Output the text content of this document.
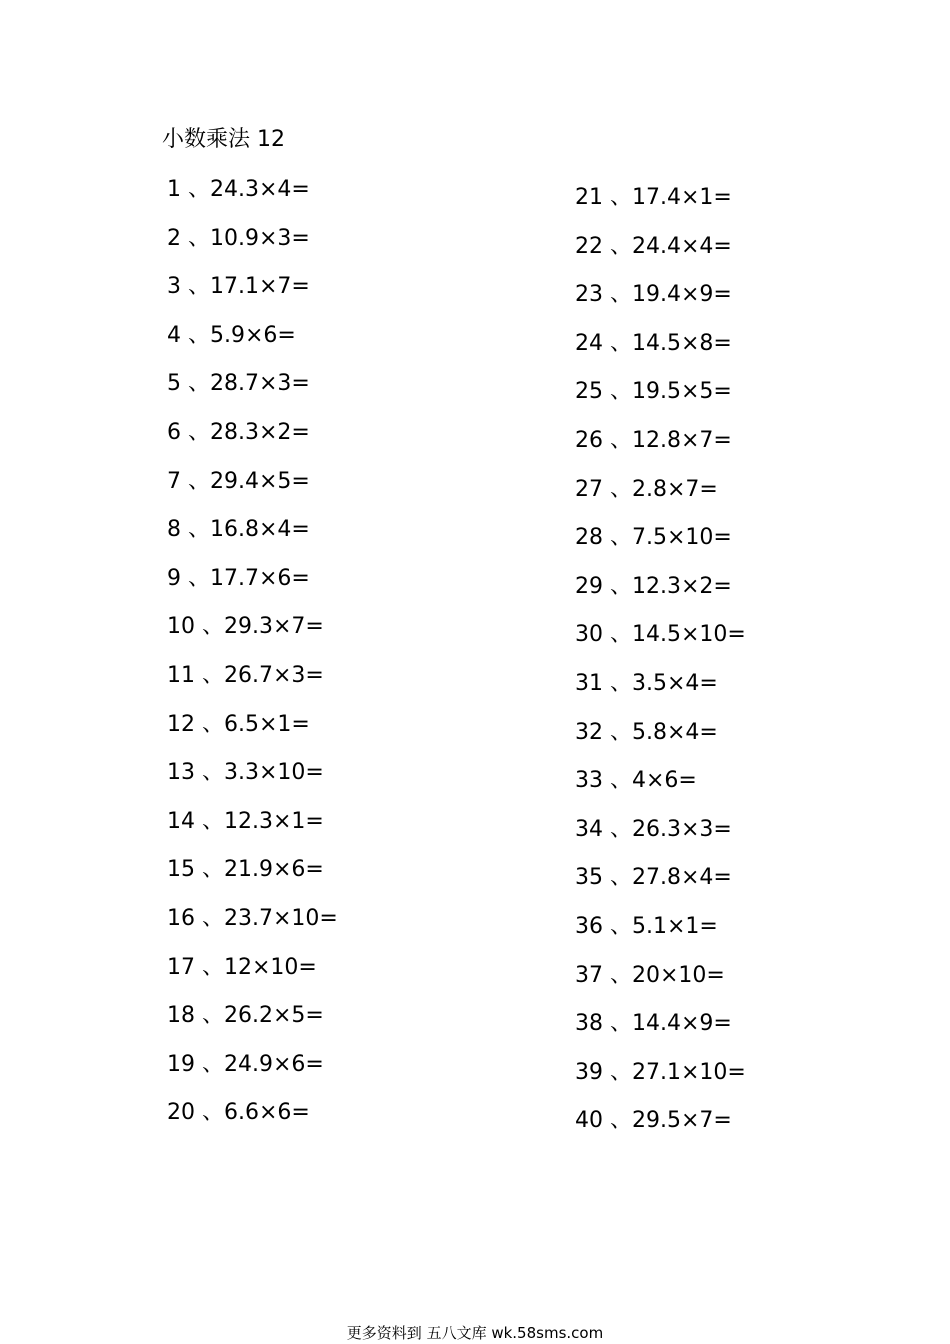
小数乘法 12
1 、24.3×4=
2 、10.9×3=
3 、17.1×7=
4 、5.9×6=
5 、28.7×3=
6 、28.3×2=
7 、29.4×5=
8 、16.8×4=
9 、17.7×6=
10 、29.3×7=
11 、26.7×3=
12 、6.5×1=
13 、3.3×10=
14 、12.3×1=
15 、21.9×6=
16 、23.7×10=
17 、12×10=
18 、26.2×5=
19 、24.9×6=
20 、6.6×6=
21 、17.4×1=
22 、24.4×4=
23 、19.4×9=
24 、14.5×8=
25 、19.5×5=
26 、12.8×7=
27 、2.8×7=
28 、7.5×10=
29 、12.3×2=
30 、14.5×10=
31 、3.5×4=
32 、5.8×4=
33 、4×6=
34 、26.3×3=
35 、27.8×4=
36 、5.1×1=
37 、20×10=
38 、14.4×9=
39 、27.1×10=
40 、29.5×7=
更多资料到 五八文库 wk.58sms.com
